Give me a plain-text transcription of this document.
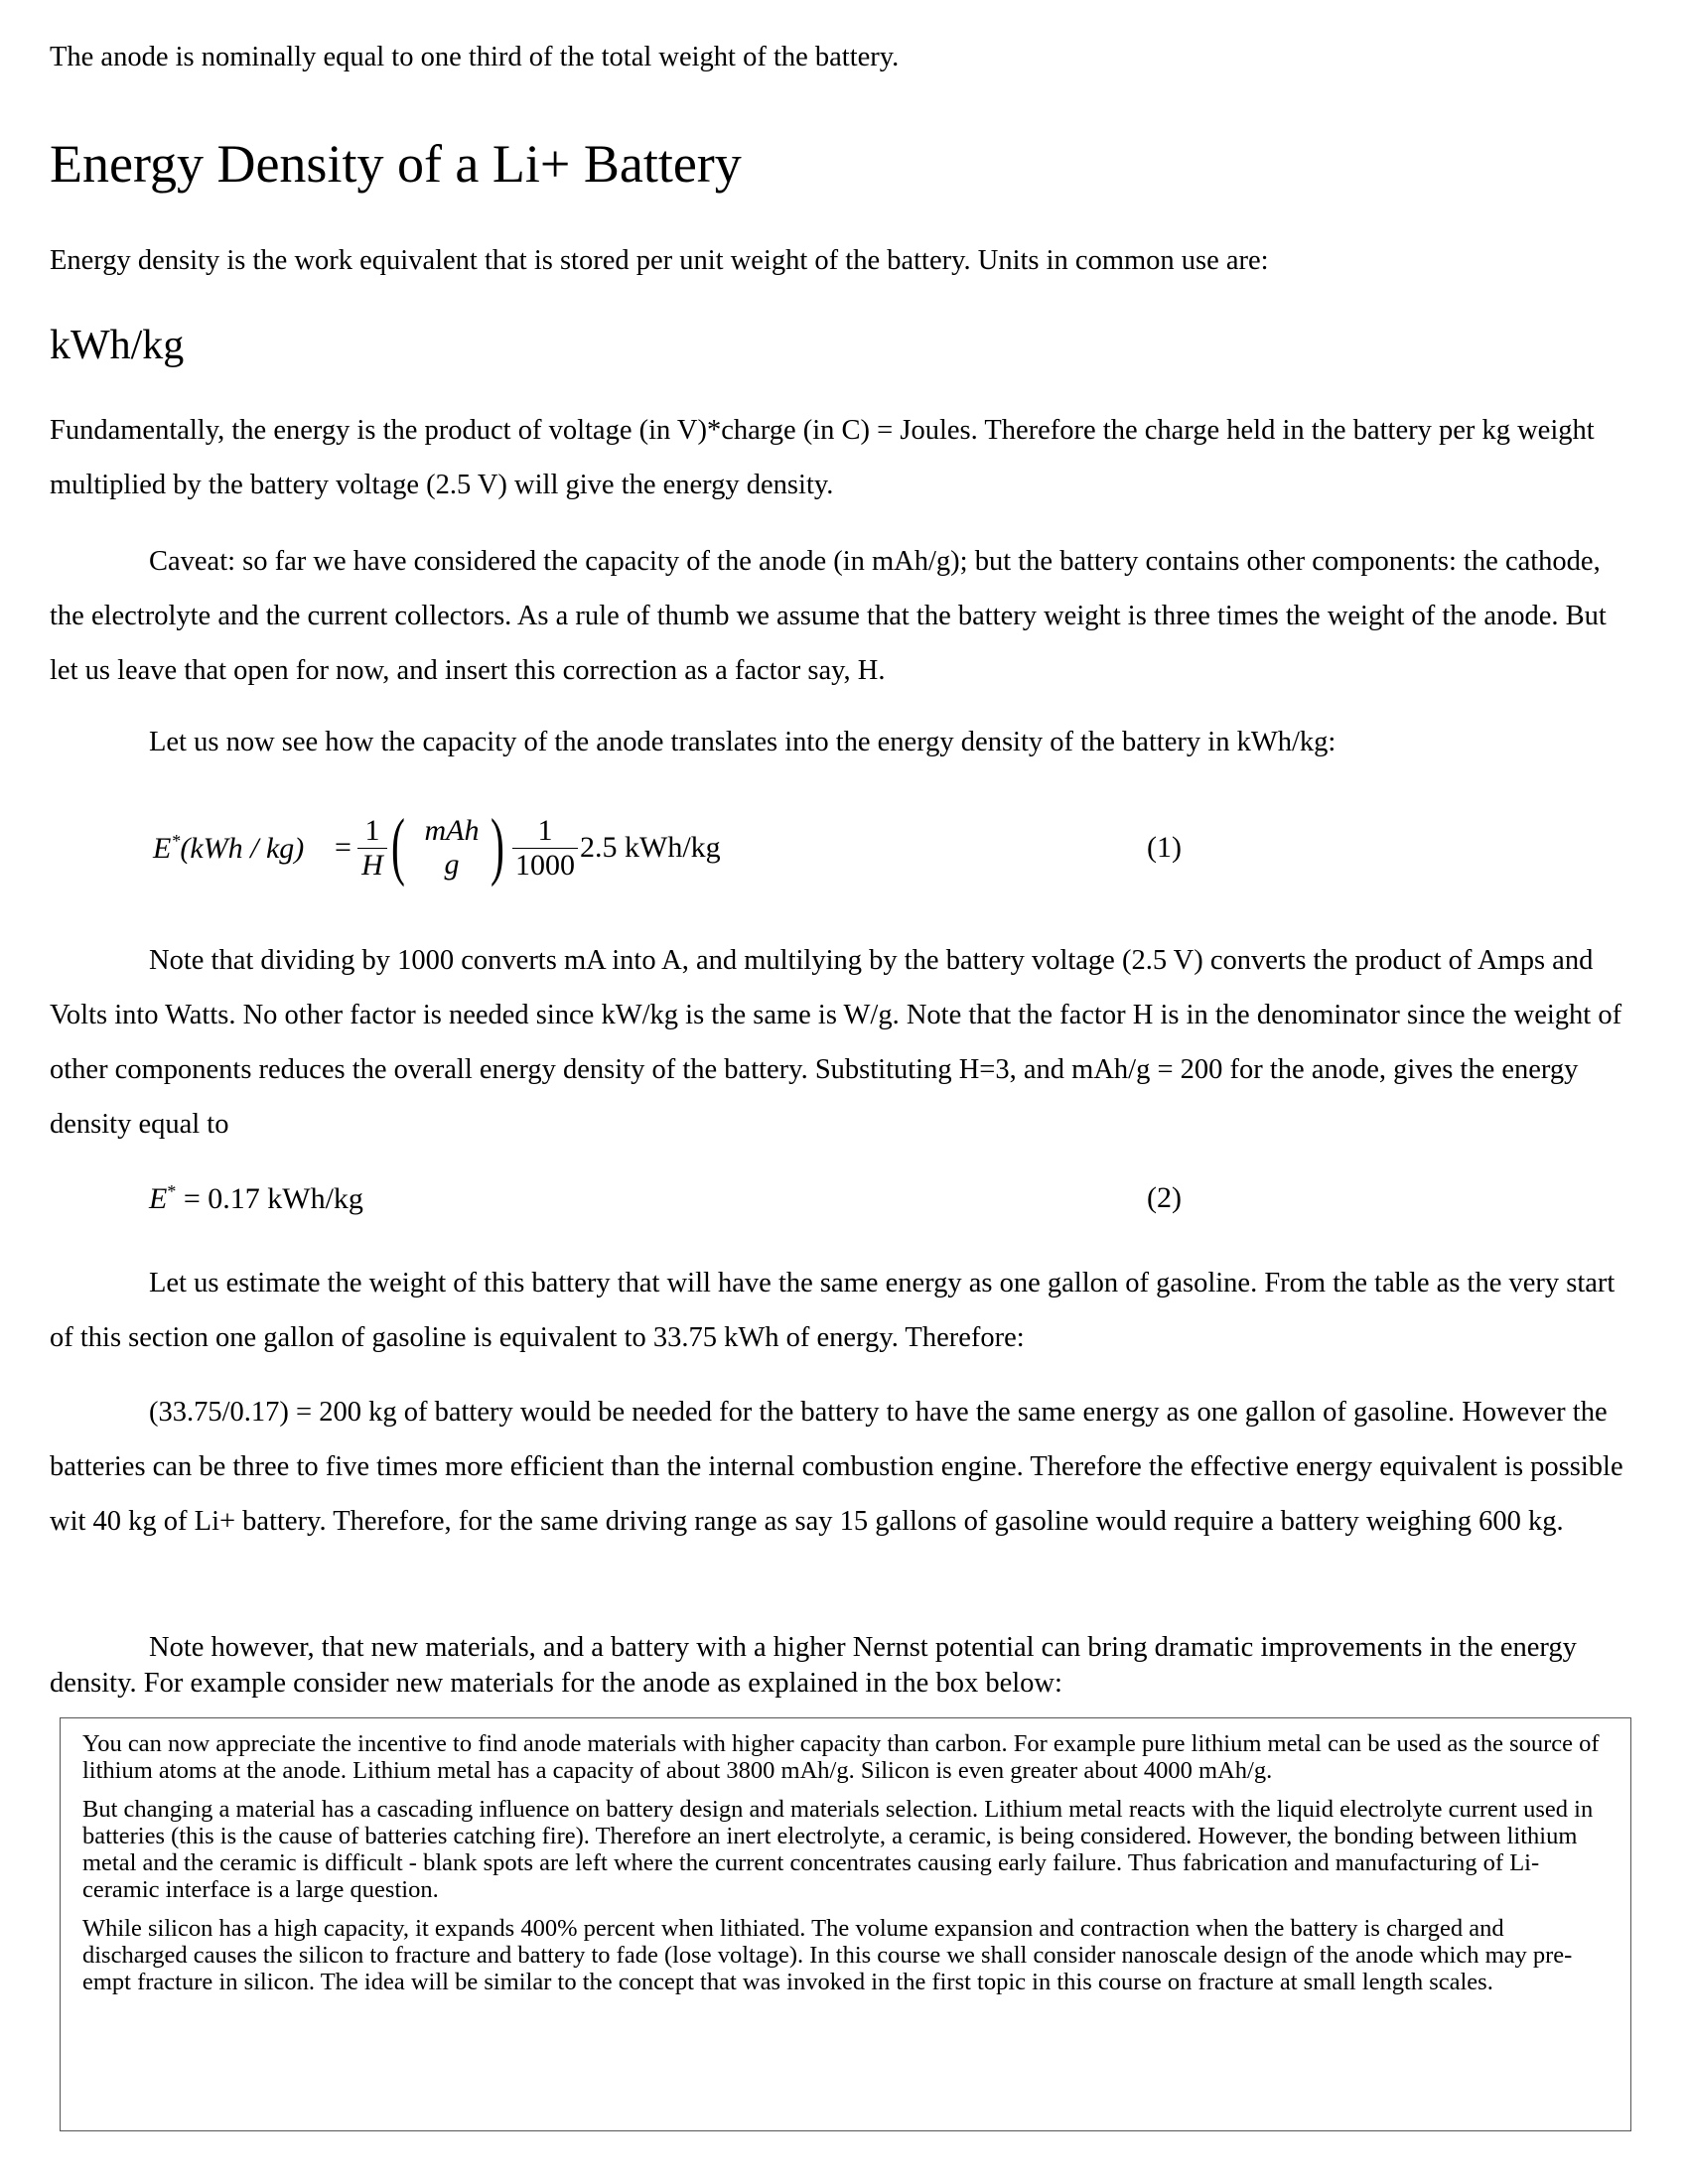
The anode is nominally equal to one third of the total weight of the battery.

Energy Density of a Li+ Battery

Energy density is the work equivalent that is stored per unit weight of the battery. Units in common use are:

kWh/kg

Fundamentally, the energy is the product of voltage (in V)*charge (in C) = Joules. Therefore the charge held in the battery per kg weight multiplied by the battery voltage (2.5 V) will give the energy density.

Caveat: so far we have considered the capacity of the anode (in mAh/g); but the battery contains other components: the cathode, the electrolyte and the current collectors. As a rule of thumb we assume that the battery weight is three times the weight of the anode. But let us leave that open for now, and insert this correction as a factor say, H.

Let us now see how the capacity of the anode translates into the energy density of the battery in kWh/kg:

$E^*(kWh / kg) = \frac{1}{H}$ ( mAh
g ) $\frac{1}{1000} 2.5$ kWh/kg	(1)

Note that dividing by 1000 converts mA into A, and multilying by the battery voltage (2.5 V) converts the product of Amps and Volts into Watts. No other factor is needed since kW/kg is the same is W/g. Note that the factor H is in the denominator since the weight of other components reduces the overall energy density of the battery. Substituting H=3, and mAh/g = 200 for the anode, gives the energy density equal to

E* = 0.17 kWh/kg	(2)

Let us estimate the weight of this battery that will have the same energy as one gallon of gasoline. From the table as the very start of this section one gallon of gasoline is equivalent to 33.75 kWh of energy. Therefore:

(33.75/0.17) = 200 kg of battery would be needed for the battery to have the same energy as one gallon of gasoline. However the batteries can be three to five times more efficient than the internal combustion engine. Therefore the effective energy equivalent is possible wit 40 kg of Li+ battery. Therefore, for the same driving range as say 15 gallons of gasoline would require a battery weighing 600 kg.

Note however, that new materials, and a battery with a higher Nernst potential can bring dramatic improvements in the energy density. For example consider new materials for the anode as explained in the box below:

You can now appreciate the incentive to find anode materials with higher capacity than carbon. For example pure lithium metal can be used as the source of lithium atoms at the anode. Lithium metal has a capacity of about 3800 mAh/g. Silicon is even greater about 4000 mAh/g.

But changing a material has a cascading influence on battery design and materials selection. Lithium metal reacts with the liquid electrolyte current used in batteries (this is the cause of batteries catching fire). Therefore an inert electrolyte, a ceramic, is being considered. However, the bonding between lithium metal and the ceramic is difficult - blank spots are left where the current concentrates causing early failure. Thus fabrication and manufacturing of Li-ceramic interface is a large question.

While silicon has a high capacity, it expands 400% percent when lithiated. The volume expansion and contraction when the battery is charged and discharged causes the silicon to fracture and battery to fade (lose voltage). In this course we shall consider nanoscale design of the anode which may pre-empt fracture in silicon. The idea will be similar to the concept that was invoked in the first topic in this course on fracture at small length scales.
